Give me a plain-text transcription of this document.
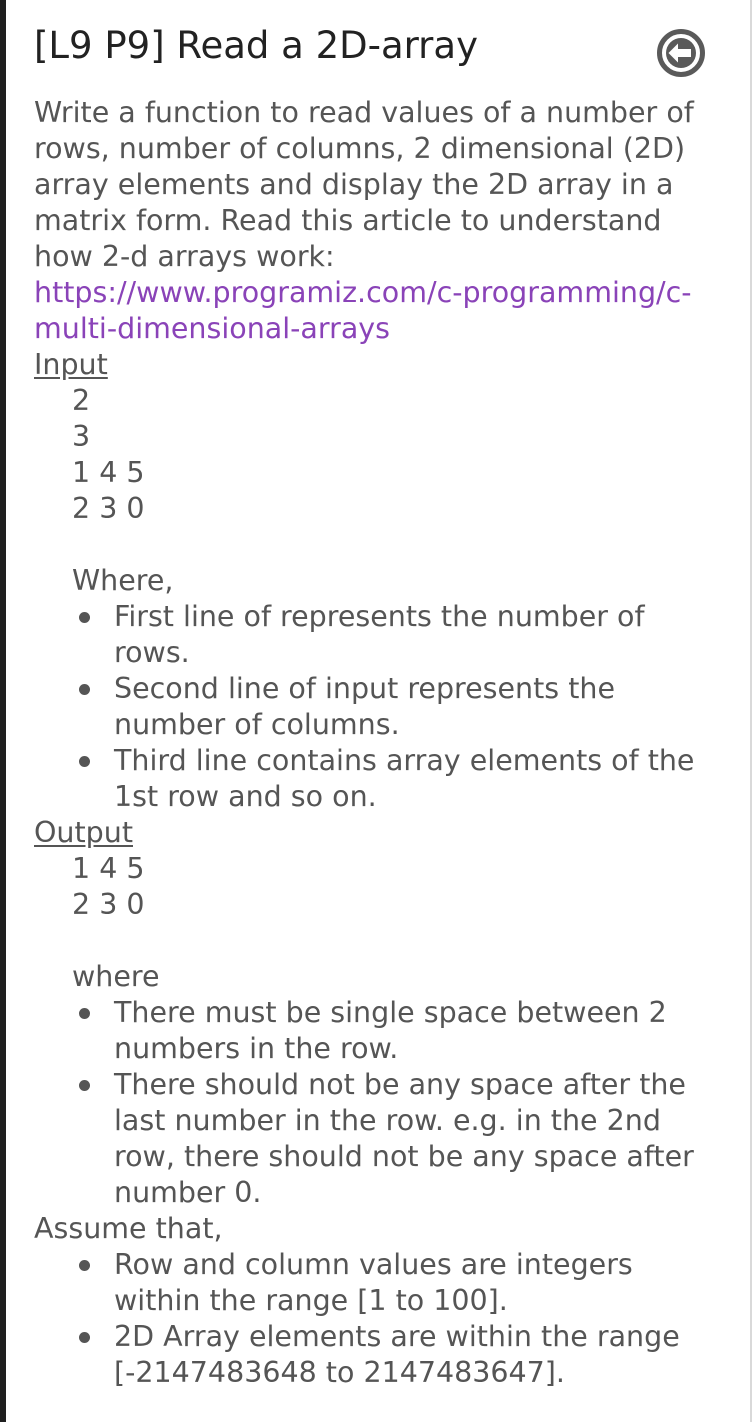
[L9 P9] Read a 2D-array
Write a function to read values of a number of rows, number of columns, 2 dimensional (2D) array elements and display the 2D array in a matrix form. Read this article to understand how 2-d arrays work: https://www.programiz.com/c-programming/c-multi-dimensional-arrays
Input
2
3
1 4 5
2 3 0
Where,
First line of represents the number of rows.
Second line of input represents the number of columns.
Third line contains array elements of the 1st row and so on.
Output
1 4 5
2 3 0
where
There must be single space between 2 numbers in the row.
There should not be any space after the last number in the row. e.g. in the 2nd row, there should not be any space after number 0.
Assume that,
Row and column values are integers within the range [1 to 100].
2D Array elements are within the range [-2147483648 to 2147483647].
